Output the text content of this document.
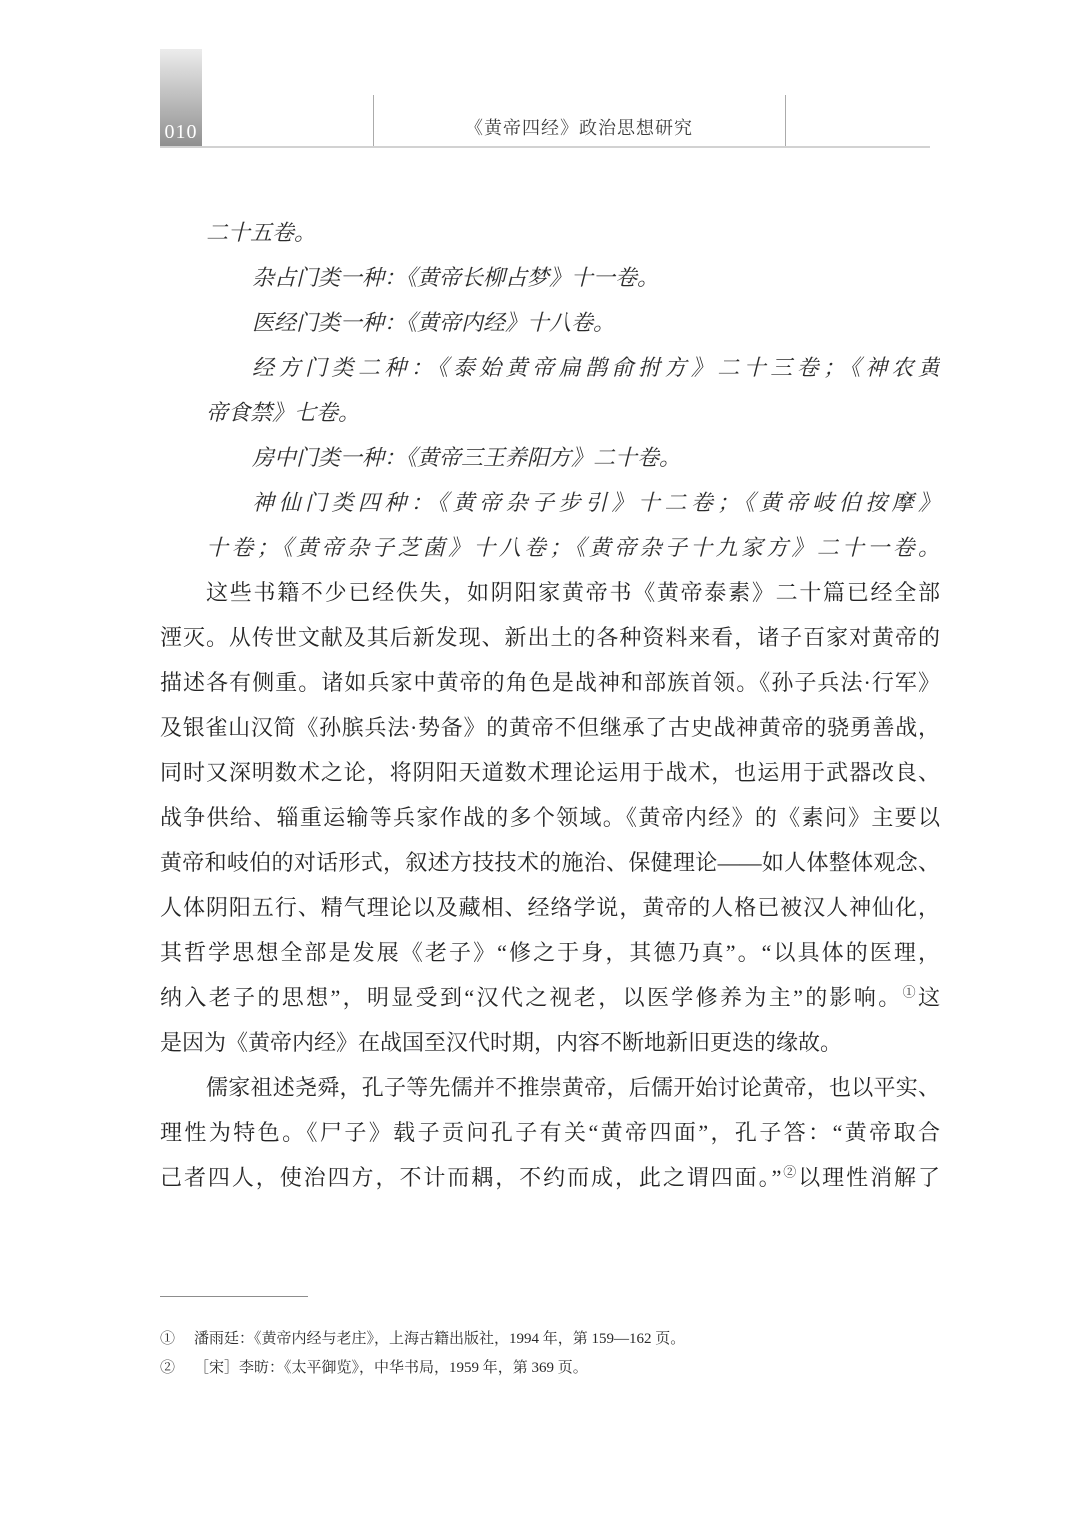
010	《黄帝四经》政治思想研究
二十五卷。
杂占门类一种：《黄帝长柳占梦》十一卷。
医经门类一种：《黄帝内经》十八卷。
经方门类二种：《泰始黄帝扁鹊俞拊方》二十三卷；《神农黄
帝食禁》七卷。
房中门类一种：《黄帝三王养阳方》二十卷。
神仙门类四种：《黄帝杂子步引》十二卷；《黄帝岐伯按摩》
十卷；《黄帝杂子芝菌》十八卷；《黄帝杂子十九家方》二十一卷。
这些书籍不少已经佚失，如阴阳家黄帝书《黄帝泰素》二十篇已经全部
湮灭。从传世文献及其后新发现、新出土的各种资料来看，诸子百家对黄帝的
描述各有侧重。诸如兵家中黄帝的角色是战神和部族首领。《孙子兵法·行军》
及银雀山汉简《孙膑兵法·势备》的黄帝不但继承了古史战神黄帝的骁勇善战，
同时又深明数术之论，将阴阳天道数术理论运用于战术，也运用于武器改良、
战争供给、辎重运输等兵家作战的多个领域。《黄帝内经》的《素问》主要以
黄帝和岐伯的对话形式，叙述方技技术的施治、保健理论——如人体整体观念、
人体阴阳五行、精气理论以及藏相、经络学说，黄帝的人格已被汉人神仙化，
其哲学思想全部是发展《老子》“修之于身，其德乃真”。“以具体的医理，
纳入老子的思想”，明显受到“汉代之视老，以医学修养为主”的影响。①这
是因为《黄帝内经》在战国至汉代时期，内容不断地新旧更迭的缘故。
儒家祖述尧舜，孔子等先儒并不推崇黄帝，后儒开始讨论黄帝，也以平实、
理性为特色。《尸子》载子贡问孔子有关“黄帝四面”，孔子答：“黄帝取合
己者四人，使治四方，不计而耦，不约而成，此之谓四面。”②以理性消解了
①	潘雨廷：《黄帝内经与老庄》，上海古籍出版社，1994 年，第 159—162 页。
②	［宋］李昉：《太平御览》，中华书局，1959 年，第 369 页。
